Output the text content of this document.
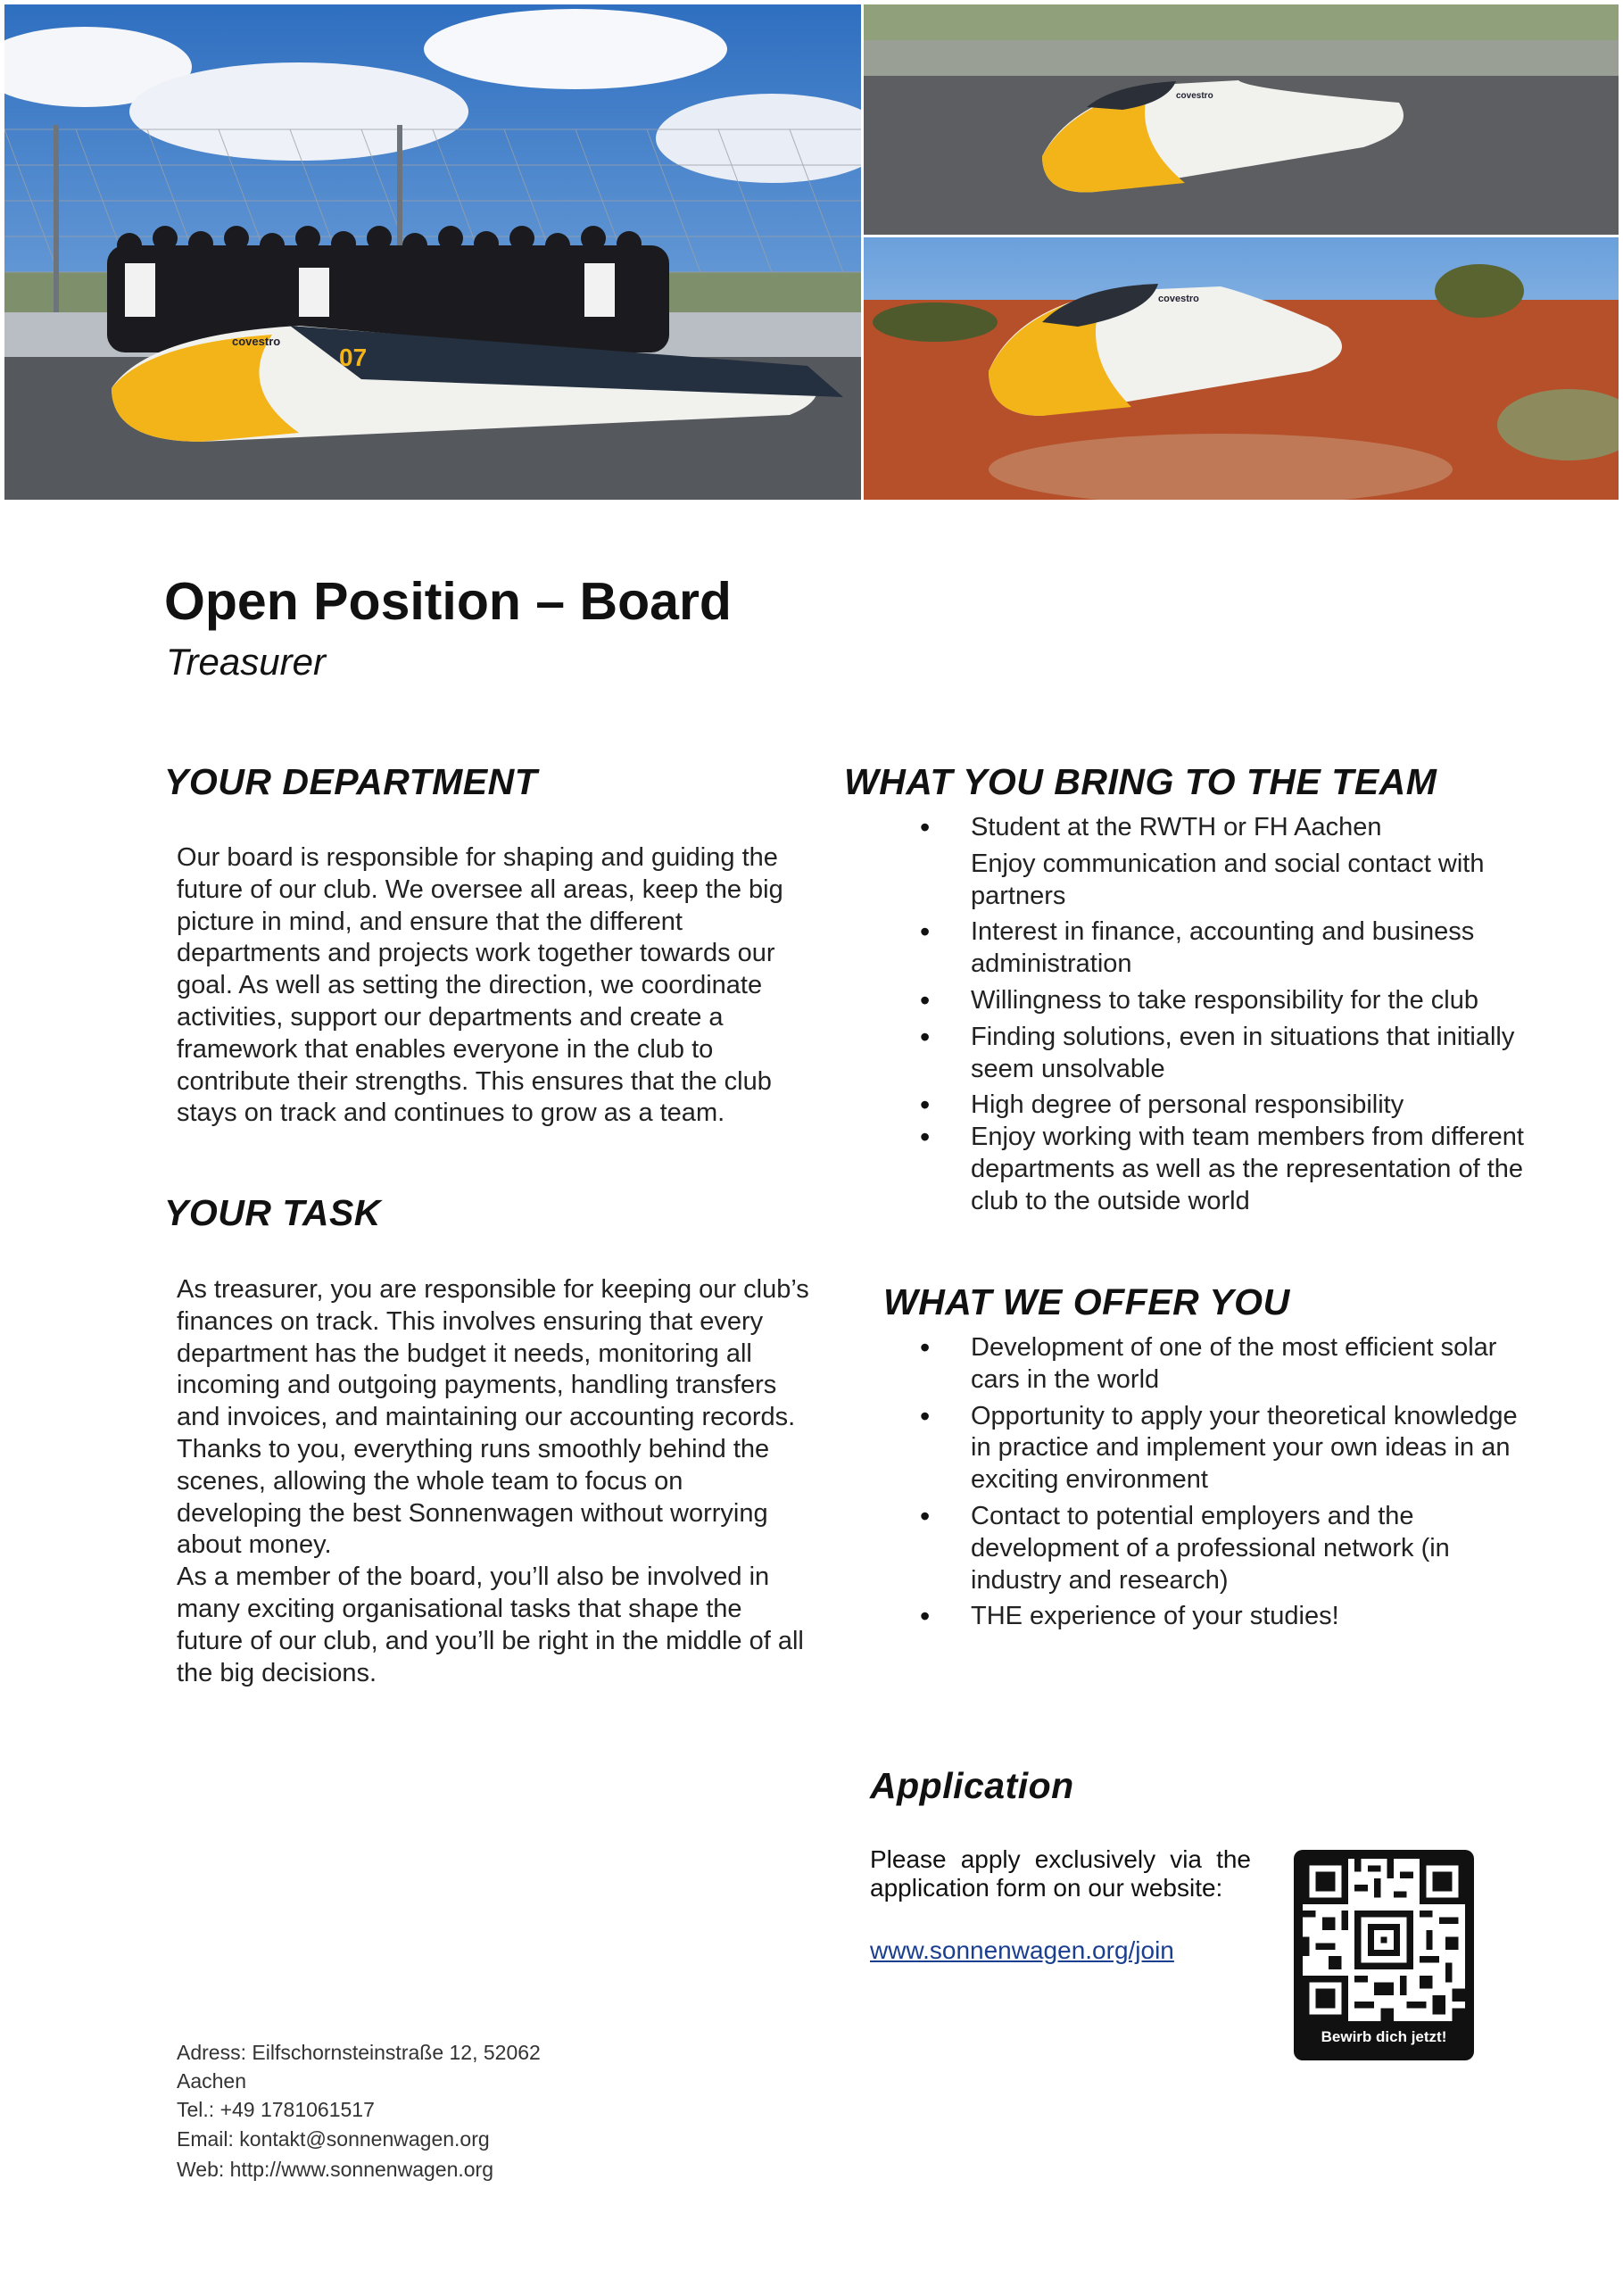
covestro
07
covestro
covestro
Open Position – Board
Treasurer
YOUR DEPARTMENT

Our board is responsible for shaping and guiding the future of our club. We oversee all areas, keep the big picture in mind, and ensure that the different departments and projects work together towards our goal. As well as setting the direction, we coordinate activities, support our departments and create a framework that enables everyone in the club to contribute their strengths. This ensures that the club stays on track and continues to grow as a team.

YOUR TASK
As treasurer, you are responsible for keeping our club’s finances on track. This involves ensuring that every department has the budget it needs, monitoring all incoming and outgoing payments, handling transfers and invoices, and maintaining our accounting records. Thanks to you, everything runs smoothly behind the scenes, allowing the whole team to focus on developing the best Sonnenwagen without worrying about money.
As a member of the board, you’ll also be involved in many exciting organisational tasks that shape the future of our club, and you’ll be right in the middle of all the big decisions.
WHAT YOU BRING TO THE TEAM
• Student at the RWTH or FH Aachen
Enjoy communication and social contact with partners
• Interest in finance, accounting and business administration
• Willingness to take responsibility for the club
• Finding solutions, even in situations that initially seem unsolvable
• High degree of personal responsibility
• Enjoy working with team members from different departments as well as the representation of the club to the outside world
WHAT WE OFFER YOU
• Development of one of the most efficient solar cars in the world
• Opportunity to apply your theoretical knowledge in practice and implement your own ideas in an exciting environment
• Contact to potential employers and the development of a professional network (in industry and research)
• THE experience of your studies!
Application

Please apply exclusively via the application form on our website:

www.sonnenwagen.org/join
Bewirb dich jetzt!

Adress: Eilfschornsteinstraße 12, 52062 Aachen

Tel.: +49 1781061517

Email: kontakt@sonnenwagen.org

Web: http://www.sonnenwagen.org
